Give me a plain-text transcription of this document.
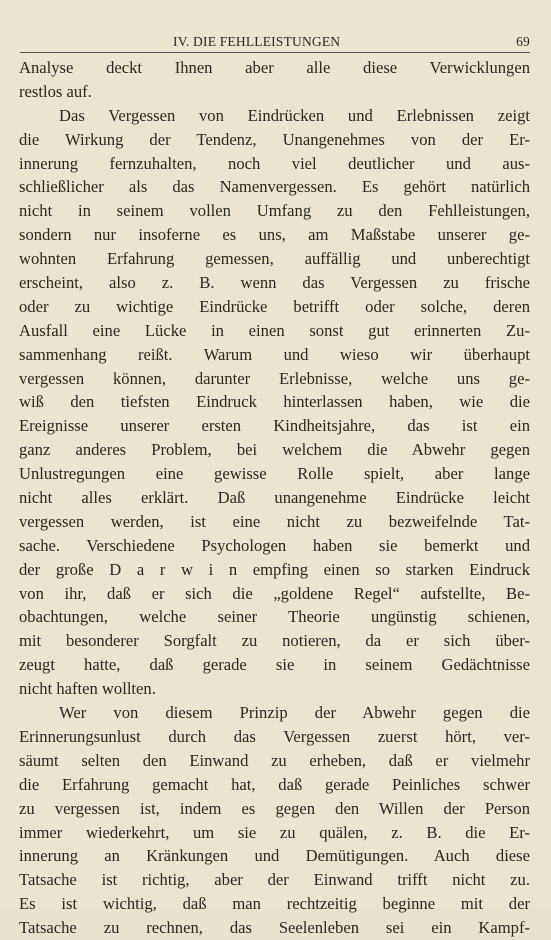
IV. DIE FEHLLEISTUNGEN	69
Analyse deckt Ihnen aber alle diese Verwicklungen
restlos auf.
Das Vergessen von Eindrücken und Erlebnissen zeigt
die Wirkung der Tendenz, Unangenehmes von der Er-
innerung fernzuhalten, noch viel deutlicher und aus-
schließlicher als das Namenvergessen. Es gehört natürlich
nicht in seinem vollen Umfang zu den Fehlleistungen,
sondern nur insoferne es uns, am Maßstabe unserer ge-
wohnten Erfahrung gemessen, auffällig und unberechtigt
erscheint, also z. B. wenn das Vergessen zu frische
oder zu wichtige Eindrücke betrifft oder solche, deren
Ausfall eine Lücke in einen sonst gut erinnerten Zu-
sammenhang reißt. Warum und wieso wir überhaupt
vergessen können, darunter Erlebnisse, welche uns ge-
wiß den tiefsten Eindruck hinterlassen haben, wie die
Ereignisse unserer ersten Kindheitsjahre, das ist ein
ganz anderes Problem, bei welchem die Abwehr gegen
Unlustregungen eine gewisse Rolle spielt, aber lange
nicht alles erklärt. Daß unangenehme Eindrücke leicht
vergessen werden, ist eine nicht zu bezweifelnde Tat-
sache. Verschiedene Psychologen haben sie bemerkt und
der große D a r w i n empfing einen so starken Eindruck
von ihr, daß er sich die „goldene Regel“ aufstellte, Be-
obachtungen, welche seiner Theorie ungünstig schienen,
mit besonderer Sorgfalt zu notieren, da er sich über-
zeugt hatte, daß gerade sie in seinem Gedächtnisse
nicht haften wollten.
Wer von diesem Prinzip der Abwehr gegen die
Erinnerungsunlust durch das Vergessen zuerst hört, ver-
säumt selten den Einwand zu erheben, daß er vielmehr
die Erfahrung gemacht hat, daß gerade Peinliches schwer
zu vergessen ist, indem es gegen den Willen der Person
immer wiederkehrt, um sie zu quälen, z. B. die Er-
innerung an Kränkungen und Demütigungen. Auch diese
Tatsache ist richtig, aber der Einwand trifft nicht zu.
Es ist wichtig, daß man rechtzeitig beginne mit der
Tatsache zu rechnen, das Seelenleben sei ein Kampf-
